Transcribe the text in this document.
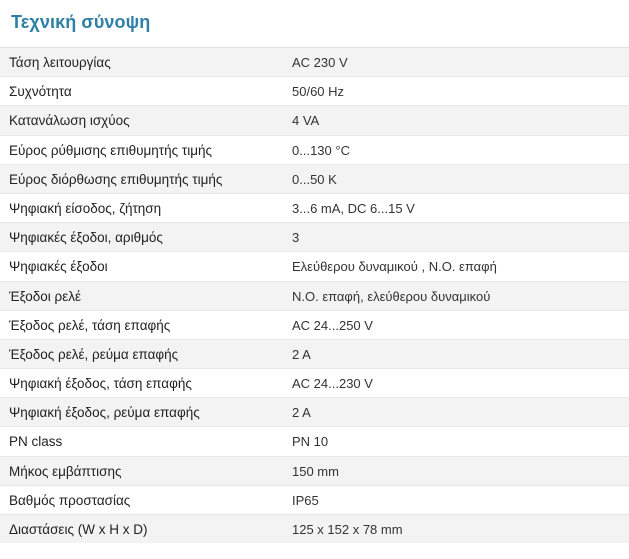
Τεχνική σύνοψη
Τάση λειτουργίας	AC 230 V
Συχνότητα	50/60 Hz
Κατανάλωση ισχύος	4 VA
Εύρος ρύθμισης επιθυμητής τιμής	0...130 °C
Εύρος διόρθωσης επιθυμητής τιμής	0...50 K
Ψηφιακή είσοδος, ζήτηση	3...6 mA, DC 6...15 V
Ψηφιακές έξοδοι, αριθμός	3
Ψηφιακές έξοδοι	Ελεύθερου δυναμικού , N.O. επαφή
Έξοδοι ρελέ	N.O. επαφή, ελεύθερου δυναμικού
Έξοδος ρελέ, τάση επαφής	AC 24...250 V
Έξοδος ρελέ, ρεύμα επαφής	2 A
Ψηφιακή έξοδος, τάση επαφής	AC 24...230 V
Ψηφιακή έξοδος, ρεύμα επαφής	2 A
PN class	PN 10
Μήκος εμβάπτισης	150 mm
Βαθμός προστασίας	IP65
Διαστάσεις (W x H x D)	125 x 152 x 78 mm
